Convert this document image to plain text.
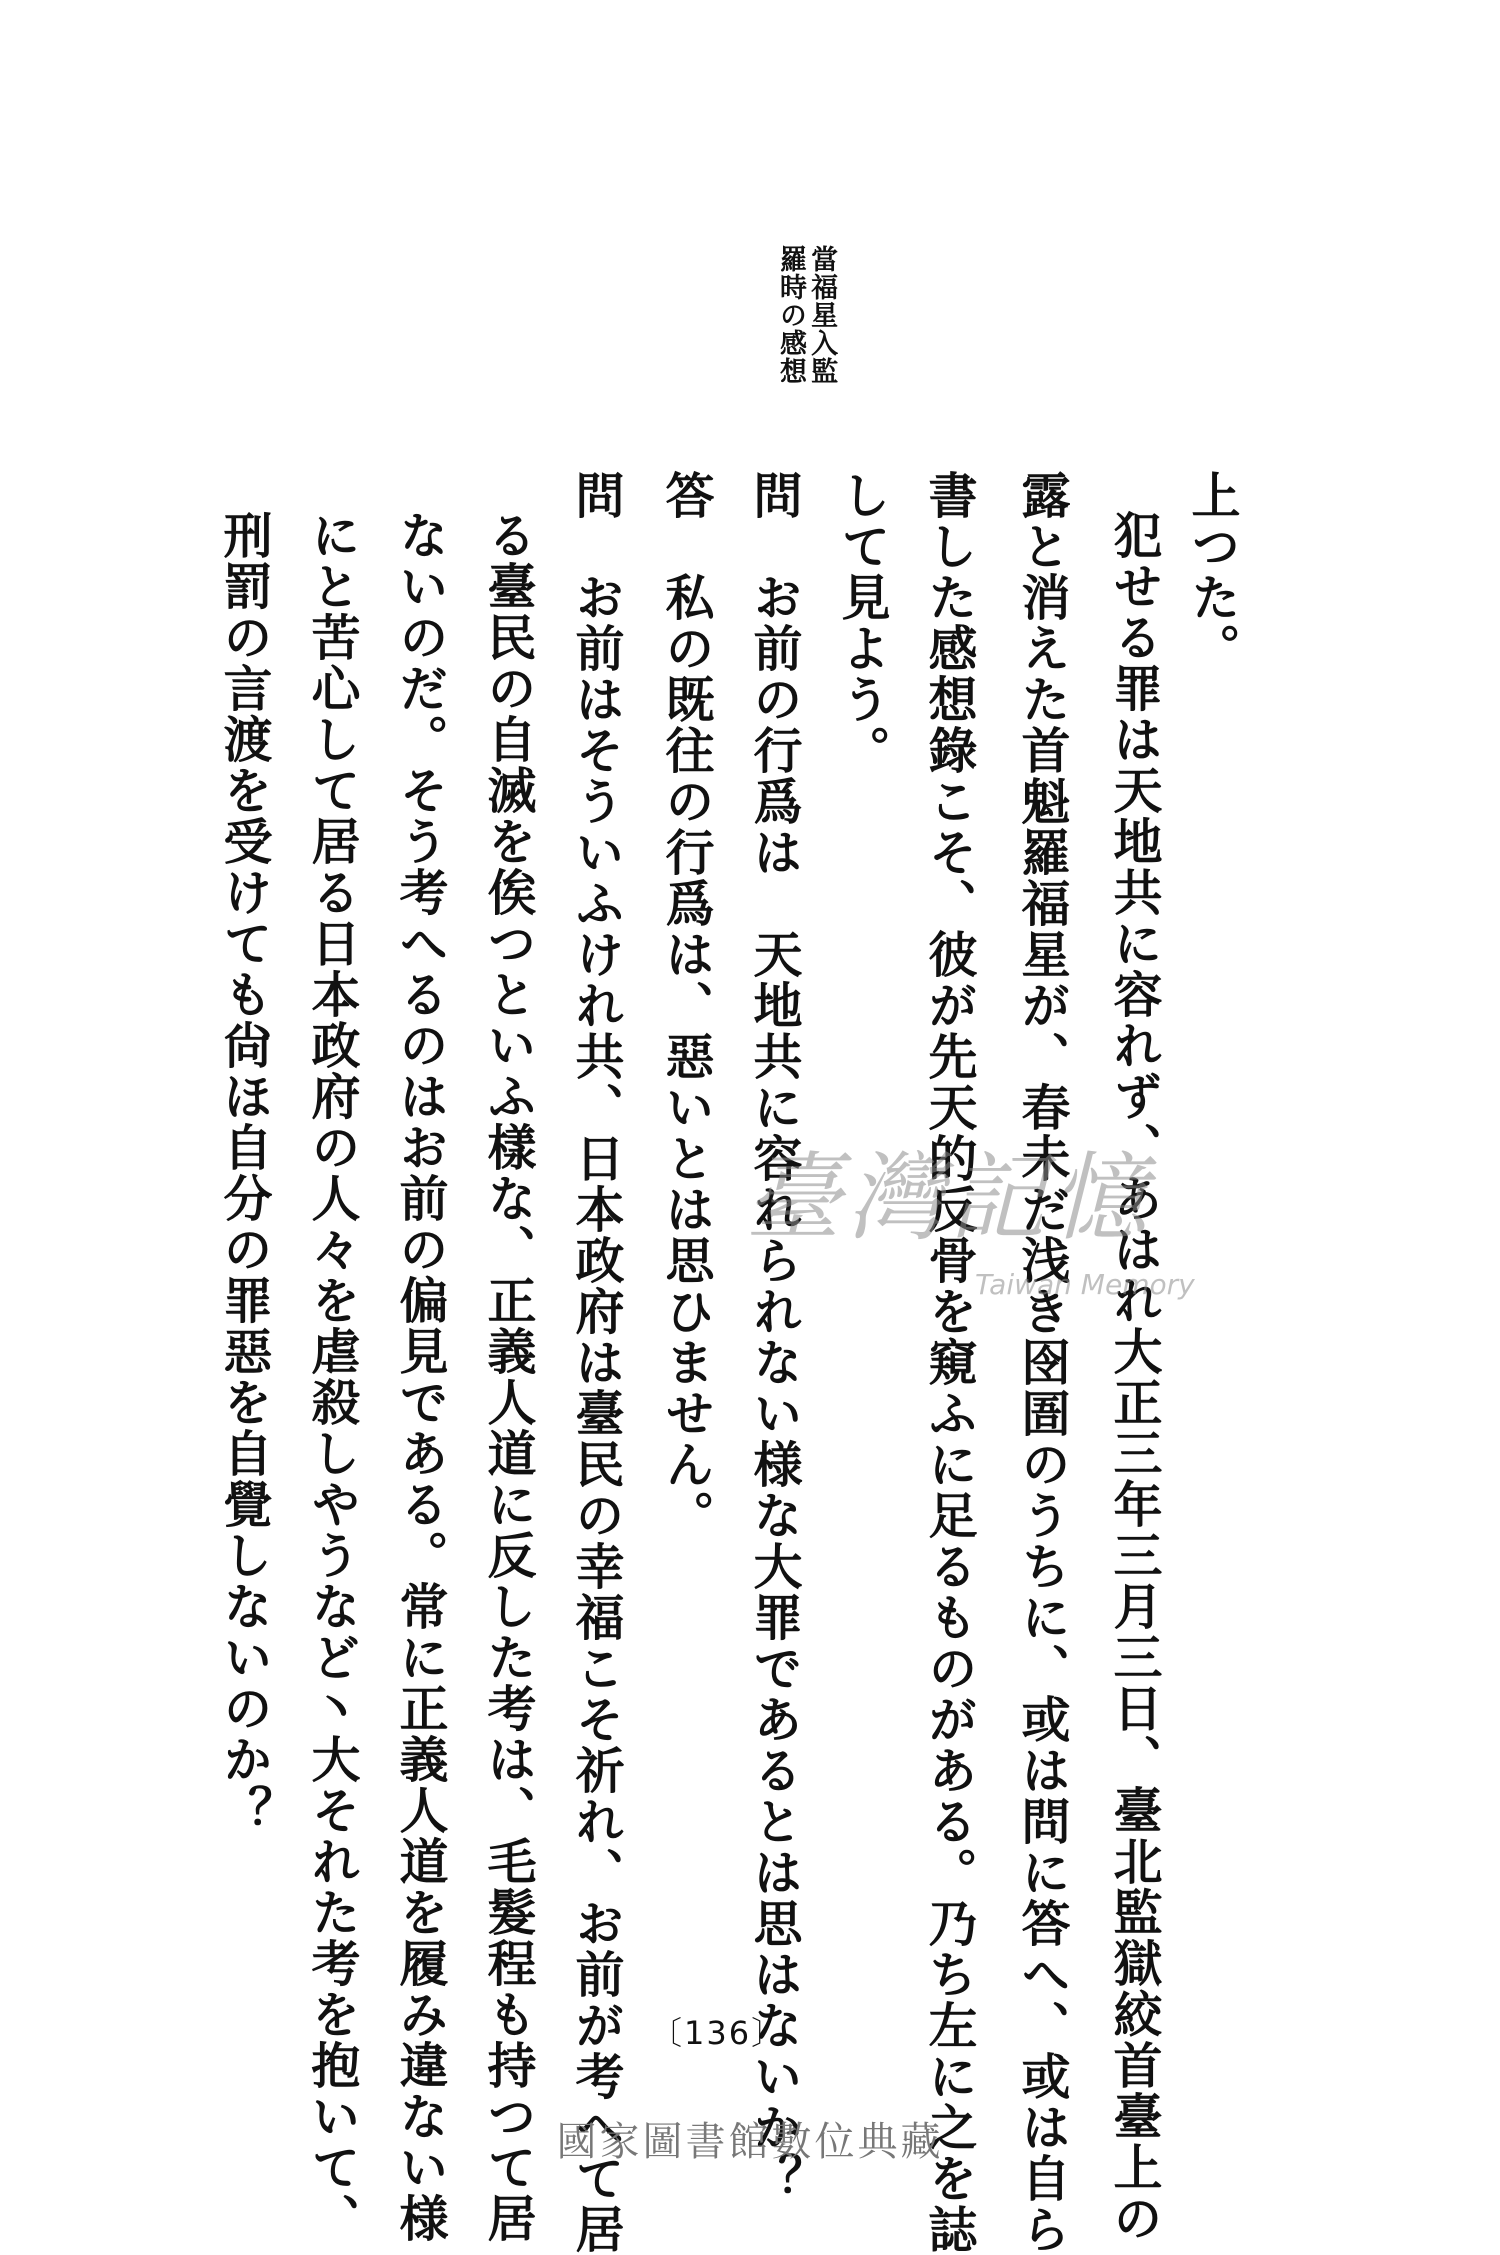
當福星入監
羅時の感想
上つた。
犯せる罪は天地共に容れず、あはれ大正三年三月三日、臺北監獄絞首臺上の
露と消えた首魁羅福星が、春未だ浅き囹圄のうちに、或は問に答へ、或は自ら
書した感想錄こそ、彼が先天的反骨を窺ふに足るものがある。乃ち左に之を誌
して見よう。
問　お前の行爲は　天地共に容れられない様な大罪であるとは思はないか？
答　私の既往の行爲は、惡いとは思ひません。
問　お前はそういふけれ共、日本政府は臺民の幸福こそ祈れ、お前が考へて居
る臺民の自滅を俟つといふ樣な、正義人道に反した考は、毛髮程も持つて居
ないのだ。そう考へるのはお前の偏見である。常に正義人道を履み違ない様
にと苦心して居る日本政府の人々を虐殺しやうなど丶大それた考を抱いて、
刑罰の言渡を受けても尙ほ自分の罪惡を自覺しないのか？	臺灣記憶
Taiwan Memory
〔136〕
國家圖書館數位典藏
